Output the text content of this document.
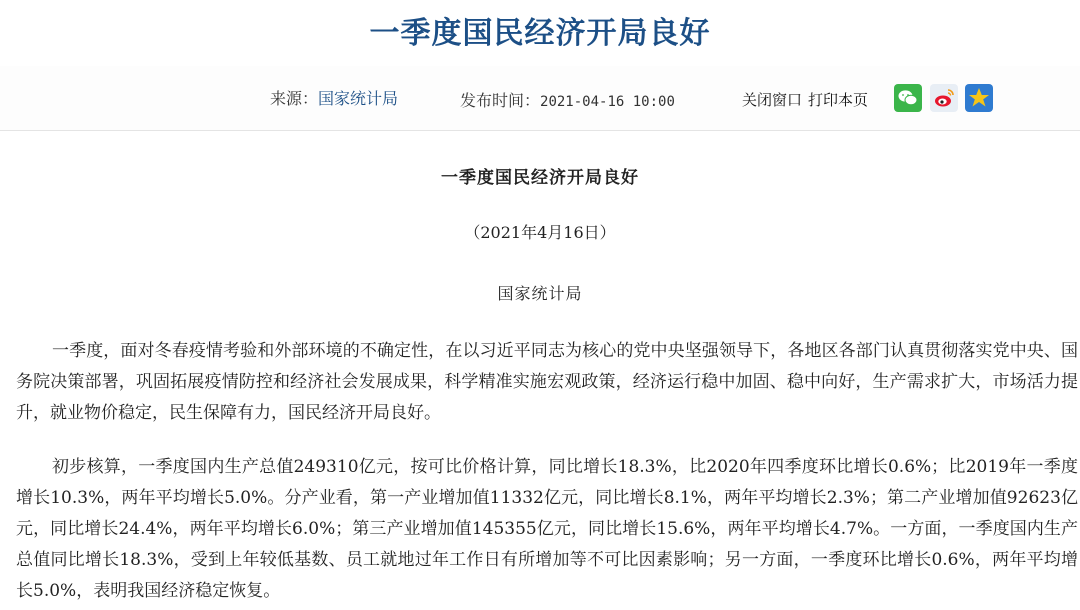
一季度国民经济开局良好
来源：国家统计局	发布时间：2021-04-16 10:00	关闭窗口 打印本页
一季度国民经济开局良好
（2021年4月16日）
国家统计局

一季度，面对冬春疫情考验和外部环境的不确定性，在以习近平同志为核心的党中央坚强领导下，各地区各部门认真贯彻落实党中央、国务院决策部署，巩固拓展疫情防控和经济社会发展成果，科学精准实施宏观政策，经济运行稳中加固、稳中向好，生产需求扩大，市场活力提升，就业物价稳定，民生保障有力，国民经济开局良好。

初步核算，一季度国内生产总值249310亿元，按可比价格计算，同比增长18.3%，比2020年四季度环比增长0.6%；比2019年一季度增长10.3%，两年平均增长5.0%。分产业看，第一产业增加值11332亿元，同比增长8.1%，两年平均增长2.3%；第二产业增加值92623亿元，同比增长24.4%，两年平均增长6.0%；第三产业增加值145355亿元，同比增长15.6%，两年平均增长4.7%。一方面，一季度国内生产总值同比增长18.3%，受到上年较低基数、员工就地过年工作日有所增加等不可比因素影响；另一方面，一季度环比增长0.6%，两年平均增长5.0%，表明我国经济稳定恢复。
